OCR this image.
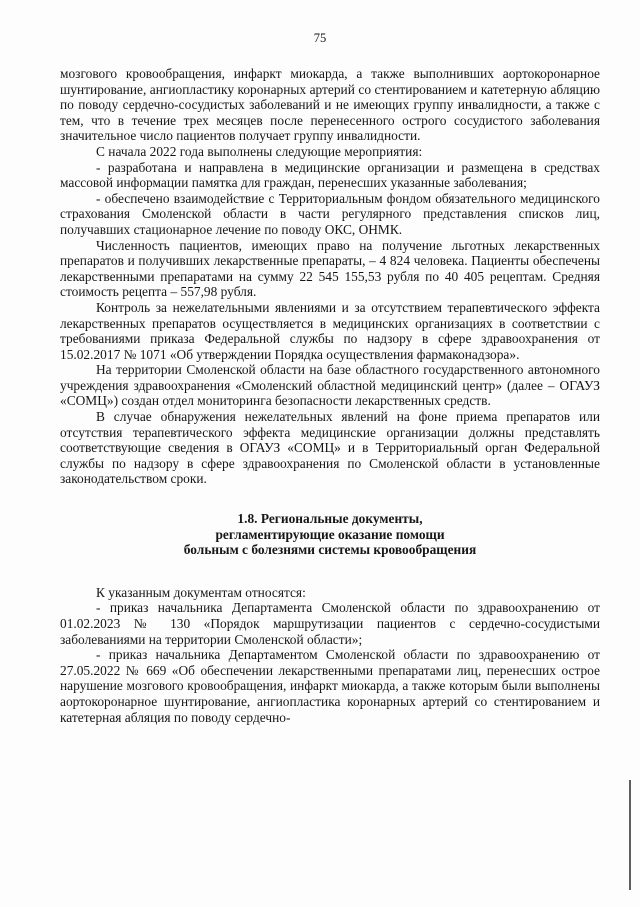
75

мозгового кровообращения, инфаркт миокарда, а также выполнивших аортокоронарное шунтирование, ангиопластику коронарных артерий со стентированием и катетерную абляцию по поводу сердечно-сосудистых заболеваний и не имеющих группу инвалидности, а также с тем, что в течение трех месяцев после перенесенного острого сосудистого заболевания значительное число пациентов получает группу инвалидности.

С начала 2022 года выполнены следующие мероприятия:

- разработана и направлена в медицинские организации и размещена в средствах массовой информации памятка для граждан, перенесших указанные заболевания;

- обеспечено взаимодействие с Территориальным фондом обязательного медицинского страхования Смоленской области в части регулярного представления списков лиц, получавших стационарное лечение по поводу ОКС, ОНМК.

Численность пациентов, имеющих право на получение льготных лекарственных препаратов и получивших лекарственные препараты, – 4 824 человека. Пациенты обеспечены лекарственными препаратами на сумму 22 545 155,53 рубля по 40 405 рецептам. Средняя стоимость рецепта – 557,98 рубля.

Контроль за нежелательными явлениями и за отсутствием терапевтического эффекта лекарственных препаратов осуществляется в медицинских организациях в соответствии с требованиями приказа Федеральной службы по надзору в сфере здравоохранения от 15.02.2017 № 1071 «Об утверждении Порядка осуществления фармаконадзора».

На территории Смоленской области на базе областного государственного автономного учреждения здравоохранения «Смоленский областной медицинский центр» (далее – ОГАУЗ «СОМЦ») создан отдел мониторинга безопасности лекарственных средств.

В случае обнаружения нежелательных явлений на фоне приема препаратов или отсутствия терапевтического эффекта медицинские организации должны представлять соответствующие сведения в ОГАУЗ «СОМЦ» и в Территориальный орган Федеральной службы по надзору в сфере здравоохранения по Смоленской области в установленные законодательством сроки.

1.8. Региональные документы,
регламентирующие оказание помощи
больным с болезнями системы кровообращения

К указанным документам относятся:

- приказ начальника Департамента Смоленской области по здравоохранению от 01.02.2023 № 130 «Порядок маршрутизации пациентов с сердечно-сосудистыми заболеваниями на территории Смоленской области»;

- приказ начальника Департаментом Смоленской области по здравоохранению от 27.05.2022 № 669 «Об обеспечении лекарственными препаратами лиц, перенесших острое нарушение мозгового кровообращения, инфаркт миокарда, а также которым были выполнены аортокоронарное шунтирование, ангиопластика коронарных артерий со стентированием и катетерная абляция по поводу сердечно-
